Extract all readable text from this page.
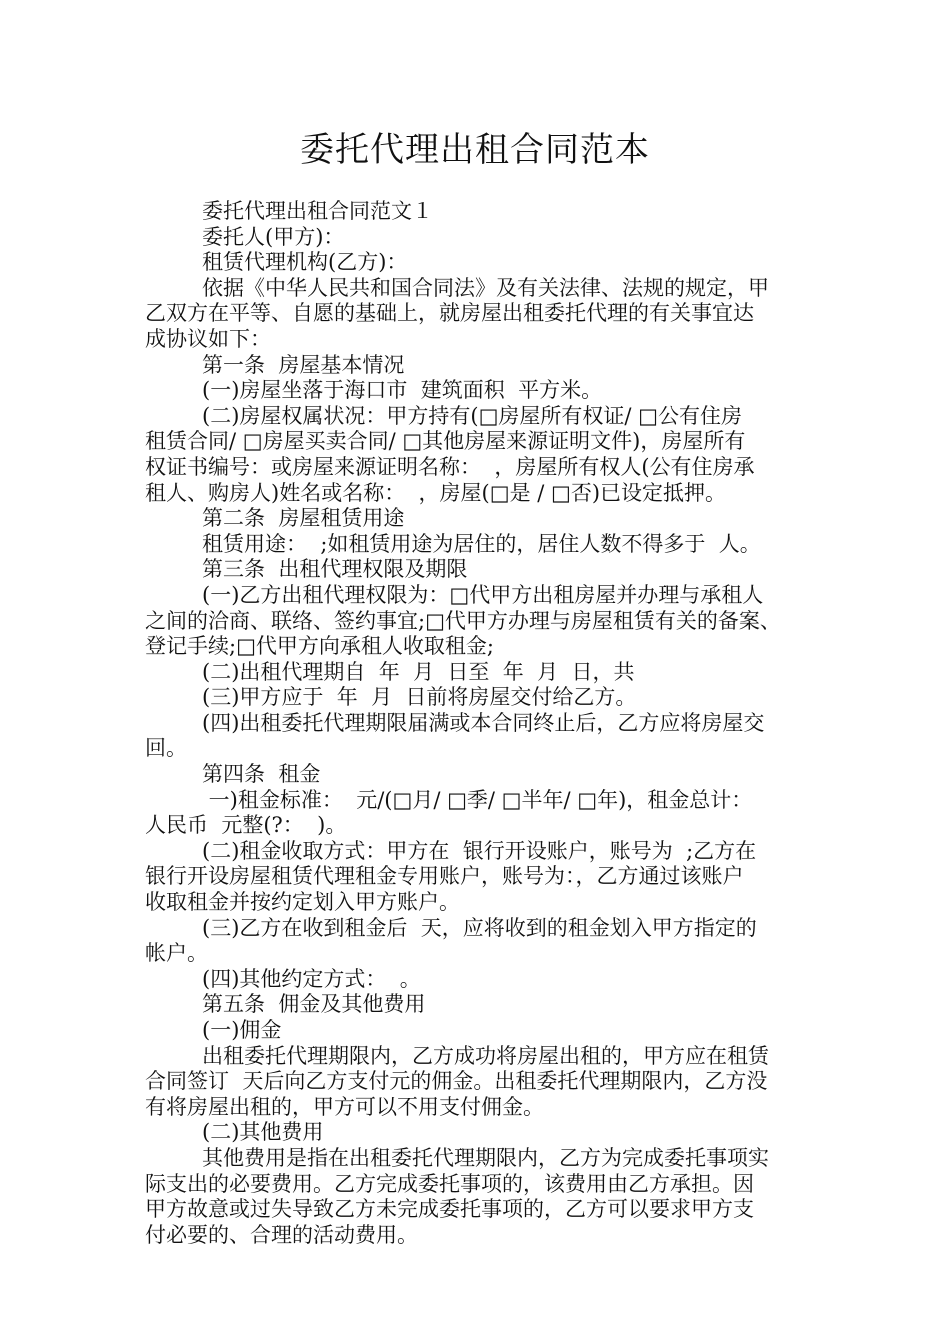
委托代理出租合同范本
委托代理出租合同范文１
委托人(甲方)：
租赁代理机构(乙方)：
依据《中华人民共和国合同法》及有关法律、法规的规定，甲
乙双方在平等、自愿的基础上，就房屋出租委托代理的有关事宜达
成协议如下：
第一条  房屋基本情况
(一)房屋坐落于海口市  建筑面积  平方米。
(二)房屋权属状况：甲方持有(□房屋所有权证/ □公有住房
租赁合同/ □房屋买卖合同/ □其他房屋来源证明文件)，房屋所有
权证书编号：或房屋来源证明名称：  ，房屋所有权人(公有住房承
租人、购房人)姓名或名称：  ，房屋(□是 / □否)已设定抵押。
第二条  房屋租赁用途
租赁用途：  ;如租赁用途为居住的，居住人数不得多于  人。
第三条  出租代理权限及期限
(一)乙方出租代理权限为：□代甲方出租房屋并办理与承租人
之间的洽商、联络、签约事宜;□代甲方办理与房屋租赁有关的备案、
登记手续;□代甲方向承租人收取租金;
(二)出租代理期自  年  月  日至  年  月  日，共
(三)甲方应于  年  月  日前将房屋交付给乙方。
(四)出租委托代理期限届满或本合同终止后，乙方应将房屋交
回。
第四条  租金
一)租金标准：  元/(□月/ □季/ □半年/ □年)，租金总计：
人民币  元整(?：  )。
(二)租金收取方式：甲方在  银行开设账户，账号为  ;乙方在
银行开设房屋租赁代理租金专用账户，账号为：，乙方通过该账户
收取租金并按约定划入甲方账户。
(三)乙方在收到租金后  天，应将收到的租金划入甲方指定的
帐户。
(四)其他约定方式：  。
第五条  佣金及其他费用
(一)佣金
出租委托代理期限内，乙方成功将房屋出租的，甲方应在租赁
合同签订  天后向乙方支付元的佣金。出租委托代理期限内，乙方没
有将房屋出租的，甲方可以不用支付佣金。
(二)其他费用
其他费用是指在出租委托代理期限内，乙方为完成委托事项实
际支出的必要费用。乙方完成委托事项的，该费用由乙方承担。因
甲方故意或过失导致乙方未完成委托事项的，乙方可以要求甲方支
付必要的、合理的活动费用。
